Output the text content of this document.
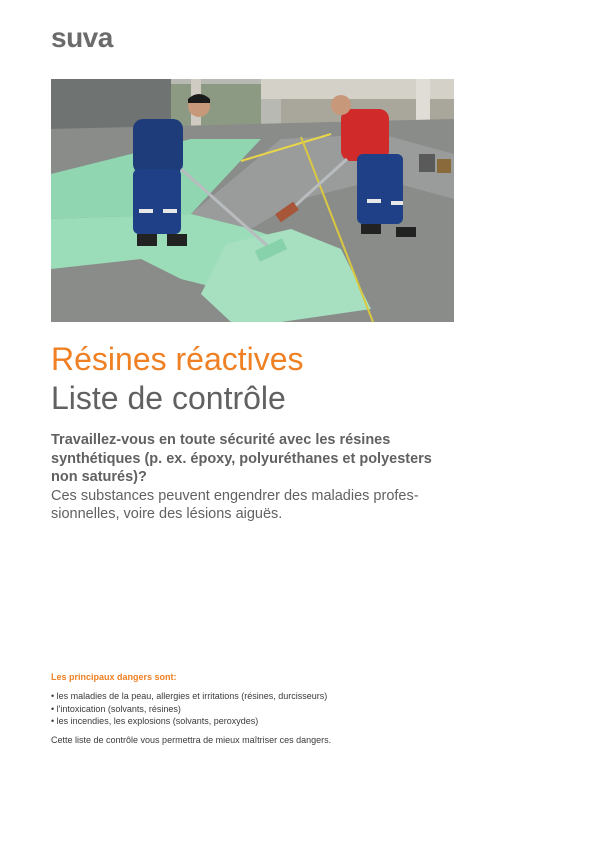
suva
Résines réactives
Liste de contrôle
Travaillez-vous en toute sécurité avec les résines synthétiques (p. ex. époxy, polyuréthanes et polyesters non saturés)?
Ces substances peuvent engendrer des maladies profes-sionnelles, voire des lésions aiguës.
Les principaux dangers sont:
• les maladies de la peau, allergies et irritations (résines, durcisseurs)
• l'intoxication (solvants, résines)
• les incendies, les explosions (solvants, peroxydes)
Cette liste de contrôle vous permettra de mieux maîtriser ces dangers.
